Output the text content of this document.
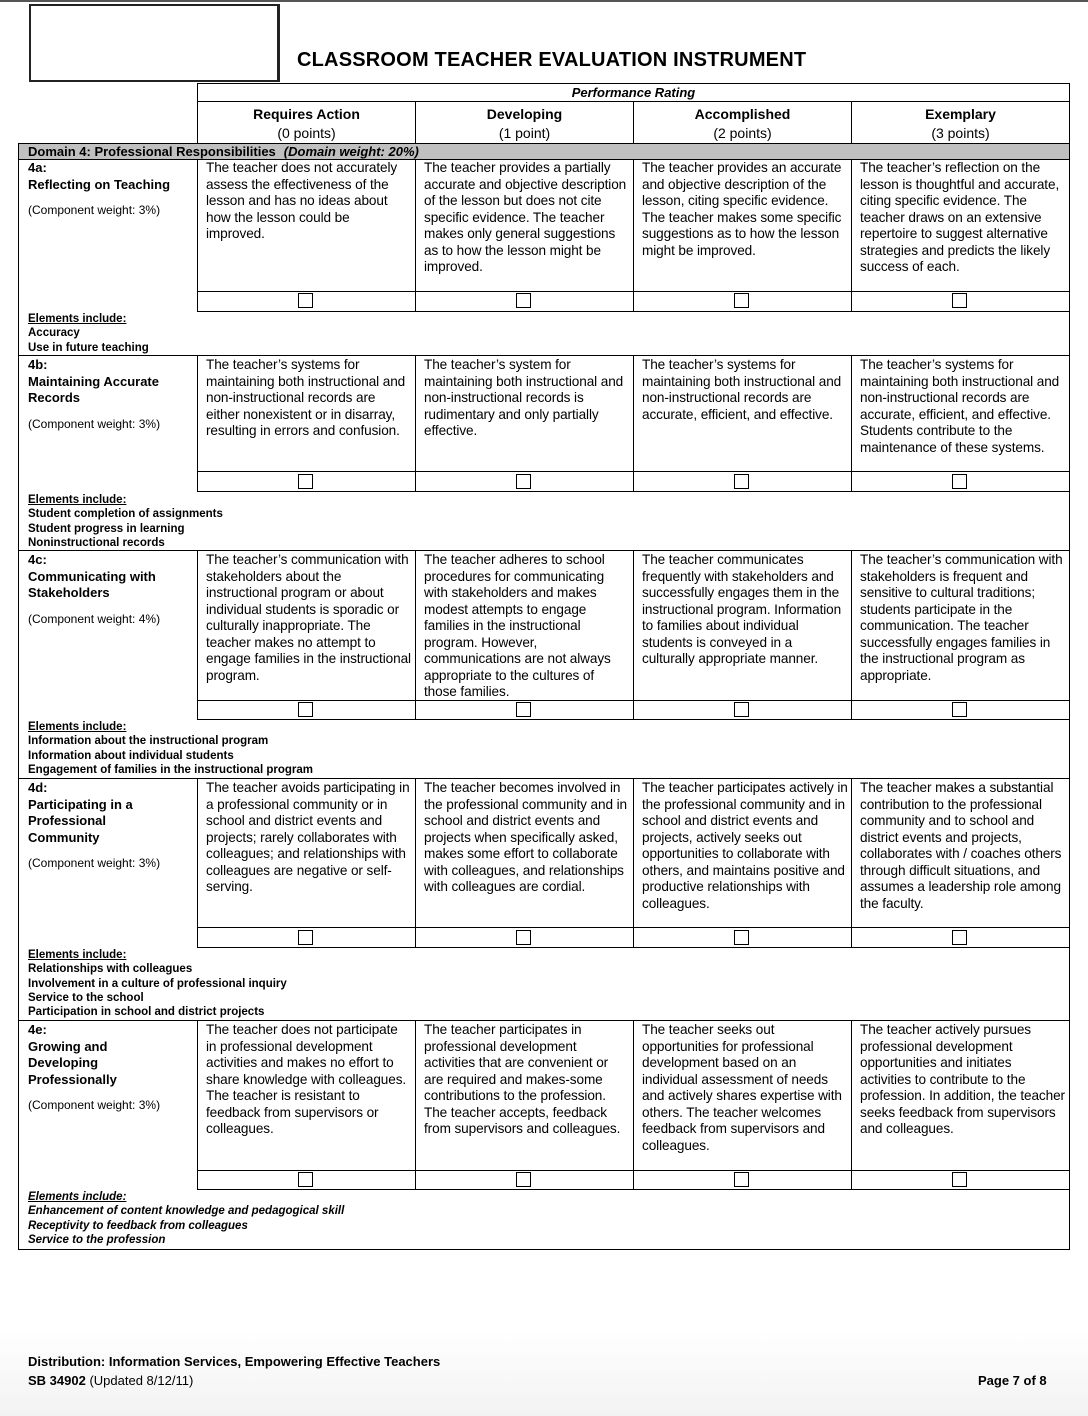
CLASSROOM TEACHER EVALUATION INSTRUMENT
Performance Rating
Requires Action
(0 points)
Developing
(1 point)
Accomplished
(2 points)
Exemplary
(3 points)
Domain 4: Professional Responsibilities (Domain weight: 20%)
4a:
Reflecting on Teaching
(Component weight: 3%)
The teacher does not accurately assess the effectiveness of the lesson and has no ideas about how the lesson could be improved.
The teacher provides a partially accurate and objective description of the lesson but does not cite specific evidence. The teacher makes only general suggestions as to how the lesson might be improved.
The teacher provides an accurate and objective description of the lesson, citing specific evidence. The teacher makes some specific suggestions as to how the lesson might be improved.
The teacher’s reflection on the lesson is thoughtful and accurate, citing specific evidence. The teacher draws on an extensive repertoire to suggest alternative strategies and predicts the likely success of each.
Elements include:
Accuracy
Use in future teaching
4b:
Maintaining Accurate Records
(Component weight: 3%)
The teacher’s systems for maintaining both instructional and non-instructional records are either nonexistent or in disarray, resulting in errors and confusion.
The teacher’s system for maintaining both instructional and non-instructional records is rudimentary and only partially effective.
The teacher’s systems for maintaining both instructional and non-instructional records are accurate, efficient, and effective.
The teacher’s systems for maintaining both instructional and non-instructional records are accurate, efficient, and effective. Students contribute to the maintenance of these systems.
Elements include:
Student completion of assignments
Student progress in learning
Noninstructional records
4c:
Communicating with Stakeholders
(Component weight: 4%)
The teacher’s communication with stakeholders about the instructional program or about individual students is sporadic or culturally inappropriate. The teacher makes no attempt to engage families in the instructional program.
The teacher adheres to school procedures for communicating with stakeholders and makes modest attempts to engage families in the instructional program. However, communications are not always appropriate to the cultures of those families.
The teacher communicates frequently with stakeholders and successfully engages them in the instructional program. Information to families about individual students is conveyed in a culturally appropriate manner.
The teacher’s communication with stakeholders is frequent and sensitive to cultural traditions; students participate in the communication. The teacher successfully engages families in the instructional program as appropriate.
Elements include:
Information about the instructional program
Information about individual students
Engagement of families in the instructional program
4d:
Participating in a Professional Community
(Component weight: 3%)
The teacher avoids participating in a professional community or in school and district events and projects; rarely collaborates with colleagues; and relationships with colleagues are negative or self-serving.
The teacher becomes involved in the professional community and in school and district events and projects when specifically asked, makes some effort to collaborate with colleagues, and relationships with colleagues are cordial.
The teacher participates actively in the professional community and in school and district events and projects, actively seeks out opportunities to collaborate with others, and maintains positive and productive relationships with colleagues.
The teacher makes a substantial contribution to the professional community and to school and district events and projects, collaborates with / coaches others through difficult situations, and assumes a leadership role among the faculty.
Elements include:
Relationships with colleagues
Involvement in a culture of professional inquiry
Service to the school
Participation in school and district projects
4e:
Growing and Developing Professionally
(Component weight: 3%)
The teacher does not participate in professional development activities and makes no effort to share knowledge with colleagues. The teacher is resistant to feedback from supervisors or colleagues.
The teacher participates in professional development activities that are convenient or are required and makes-some contributions to the profession. The teacher accepts, feedback from supervisors and colleagues.
The teacher seeks out opportunities for professional development based on an individual assessment of needs and actively shares expertise with others. The teacher welcomes feedback from supervisors and colleagues.
The teacher actively pursues professional development opportunities and initiates activities to contribute to the profession. In addition, the teacher seeks feedback from supervisors and colleagues.
Elements include:
Enhancement of content knowledge and pedagogical skill
Receptivity to feedback from colleagues
Service to the profession
Distribution: Information Services, Empowering Effective Teachers
SB 34902 (Updated 8/12/11)	Page 7 of 8
